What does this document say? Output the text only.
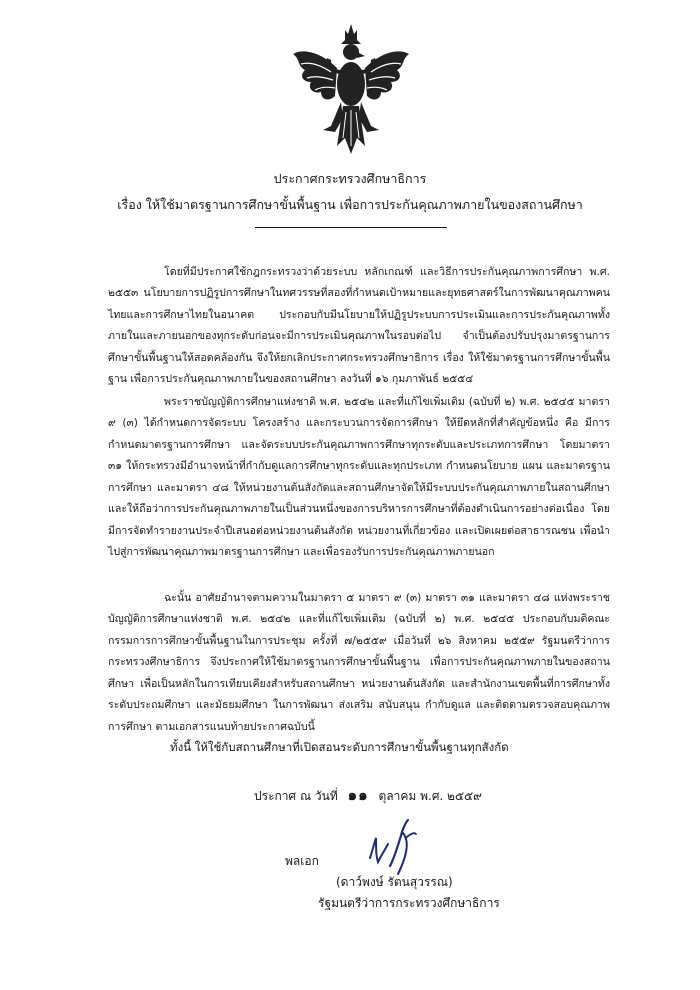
ประกาศกระทรวงศึกษาธิการ
เรื่อง ให้ใช้มาตรฐานการศึกษาขั้นพื้นฐาน เพื่อการประกันคุณภาพภายในของสถานศึกษา

โดยที่มีประกาศใช้กฎกระทรวงว่าด้วยระบบ หลักเกณฑ์ และวิธีการประกันคุณภาพการศึกษา พ.ศ. ๒๕๕๓ นโยบายการปฏิรูปการศึกษาในทศวรรษที่สองที่กำหนดเป้าหมายและยุทธศาสตร์ในการพัฒนาคุณภาพคนไทยและการศึกษาไทยในอนาคต ประกอบกับมีนโยบายให้ปฏิรูประบบการประเมินและการประกันคุณภาพทั้งภายในและภายนอกของทุกระดับก่อนจะมีการประเมินคุณภาพในรอบต่อไป จำเป็นต้องปรับปรุงมาตรฐานการศึกษาขั้นพื้นฐานให้สอดคล้องกัน จึงให้ยกเลิกประกาศกระทรวงศึกษาธิการ เรื่อง ให้ใช้มาตรฐานการศึกษาขั้นพื้นฐาน เพื่อการประกันคุณภาพภายในของสถานศึกษา ลงวันที่ ๑๖ กุมภาพันธ์ ๒๕๕๔

พระราชบัญญัติการศึกษาแห่งชาติ พ.ศ. ๒๕๔๒ และที่แก้ไขเพิ่มเติม (ฉบับที่ ๒) พ.ศ. ๒๕๔๕ มาตรา ๙ (๓) ได้กำหนดการจัดระบบ โครงสร้าง และกระบวนการจัดการศึกษา ให้ยึดหลักที่สำคัญข้อหนึ่ง คือ มีการกำหนดมาตรฐานการศึกษา และจัดระบบประกันคุณภาพการศึกษาทุกระดับและประเภทการศึกษา โดยมาตรา ๓๑ ให้กระทรวงมีอำนาจหน้าที่กำกับดูแลการศึกษาทุกระดับและทุกประเภท กำหนดนโยบาย แผน และมาตรฐานการศึกษา และมาตรา ๔๘ ให้หน่วยงานต้นสังกัดและสถานศึกษาจัดให้มีระบบประกันคุณภาพภายในสถานศึกษา และให้ถือว่าการประกันคุณภาพภายในเป็นส่วนหนึ่งของการบริหารการศึกษาที่ต้องดำเนินการอย่างต่อเนื่อง โดยมีการจัดทำรายงานประจำปีเสนอต่อหน่วยงานต้นสังกัด หน่วยงานที่เกี่ยวข้อง และเปิดเผยต่อสาธารณชน เพื่อนำไปสู่การพัฒนาคุณภาพมาตรฐานการศึกษา และเพื่อรองรับการประกันคุณภาพภายนอก

ฉะนั้น อาศัยอำนาจตามความในมาตรา ๕ มาตรา ๙ (๓) มาตรา ๓๑ และมาตรา ๔๘ แห่งพระราชบัญญัติการศึกษาแห่งชาติ พ.ศ. ๒๕๔๒ และที่แก้ไขเพิ่มเติม (ฉบับที่ ๒) พ.ศ. ๒๕๔๕ ประกอบกับมติคณะกรรมการการศึกษาขั้นพื้นฐานในการประชุม ครั้งที่ ๗/๒๕๕๙ เมื่อวันที่ ๒๖ สิงหาคม ๒๕๕๙ รัฐมนตรีว่าการกระทรวงศึกษาธิการ จึงประกาศให้ใช้มาตรฐานการศึกษาขั้นพื้นฐาน เพื่อการประกันคุณภาพภายในของสถานศึกษา เพื่อเป็นหลักในการเทียบเคียงสำหรับสถานศึกษา หน่วยงานต้นสังกัด และสำนักงานเขตพื้นที่การศึกษาทั้งระดับประถมศึกษา และมัธยมศึกษา ในการพัฒนา ส่งเสริม สนับสนุน กำกับดูแล และติดตามตรวจสอบคุณภาพการศึกษา ตามเอกสารแนบท้ายประกาศฉบับนี้

ทั้งนี้ ให้ใช้กับสถานศึกษาที่เปิดสอนระดับการศึกษาขั้นพื้นฐานทุกสังกัด
ประกาศ ณ วันที่ ๑๑ ตุลาคม พ.ศ. ๒๕๕๙
พลเอก
(ดาว์พงษ์ รัตนสุวรรณ)
รัฐมนตรีว่าการกระทรวงศึกษาธิการ
